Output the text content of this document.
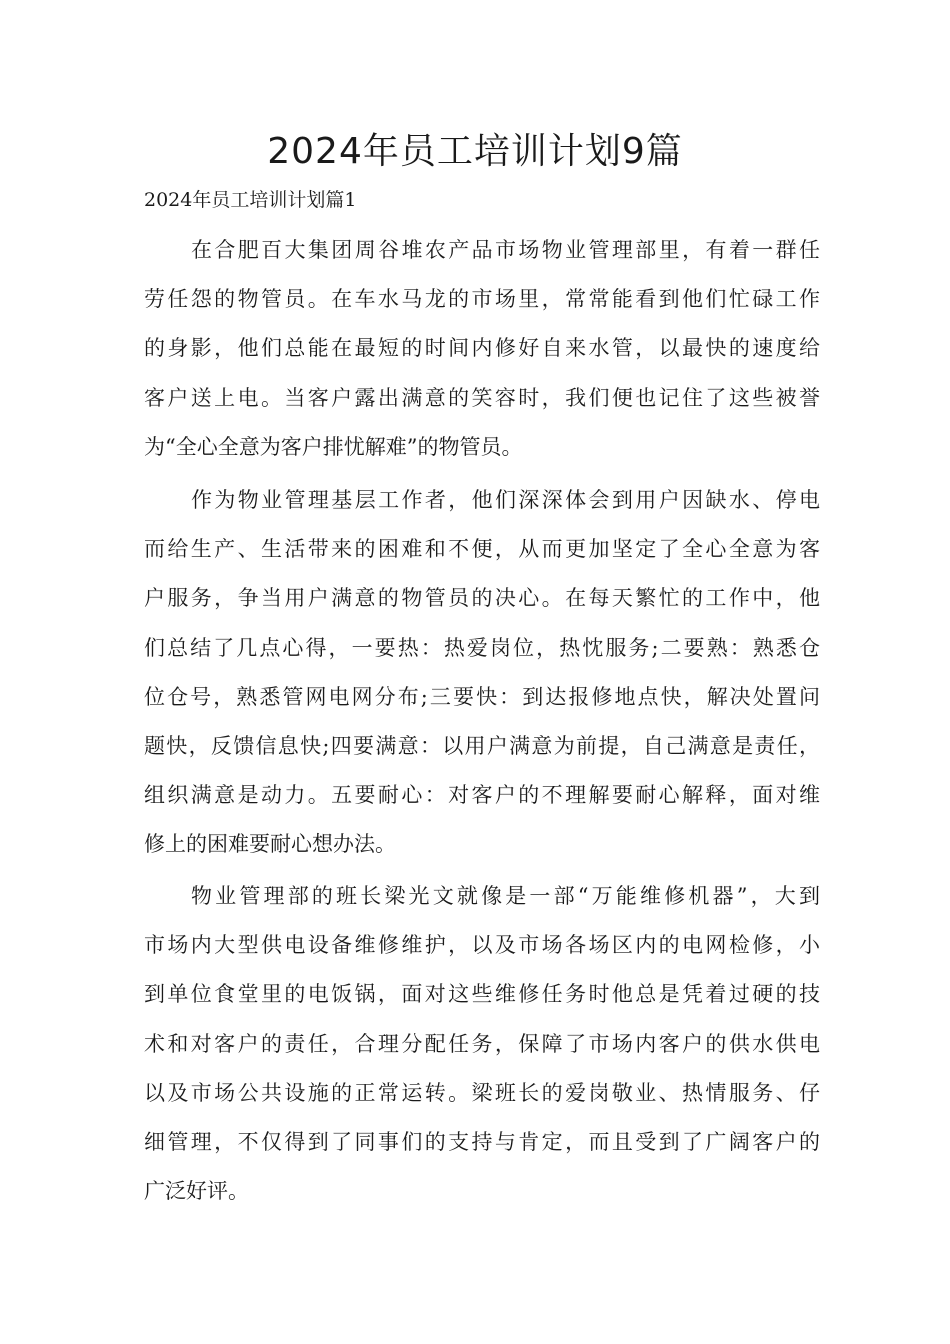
2024年员工培训计划9篇

2024年员工培训计划篇1

在合肥百大集团周谷堆农产品市场物业管理部里，有着一群任
劳任怨的物管员。在车水马龙的市场里，常常能看到他们忙碌工作
的身影，他们总能在最短的时间内修好自来水管，以最快的速度给
客户送上电。当客户露出满意的笑容时，我们便也记住了这些被誉
为“全心全意为客户排忧解难”的物管员。

作为物业管理基层工作者，他们深深体会到用户因缺水、停电
而给生产、生活带来的困难和不便，从而更加坚定了全心全意为客
户服务，争当用户满意的物管员的决心。在每天繁忙的工作中，他
们总结了几点心得，一要热：热爱岗位，热忱服务;二要熟：熟悉仓
位仓号，熟悉管网电网分布;三要快：到达报修地点快，解决处置问
题快，反馈信息快;四要满意：以用户满意为前提，自己满意是责任，
组织满意是动力。五要耐心：对客户的不理解要耐心解释，面对维
修上的困难要耐心想办法。

物业管理部的班长梁光文就像是一部“万能维修机器”，大到
市场内大型供电设备维修维护，以及市场各场区内的电网检修，小
到单位食堂里的电饭锅，面对这些维修任务时他总是凭着过硬的技
术和对客户的责任，合理分配任务，保障了市场内客户的供水供电
以及市场公共设施的正常运转。梁班长的爱岗敬业、热情服务、仔
细管理，不仅得到了同事们的支持与肯定，而且受到了广阔客户的
广泛好评。
